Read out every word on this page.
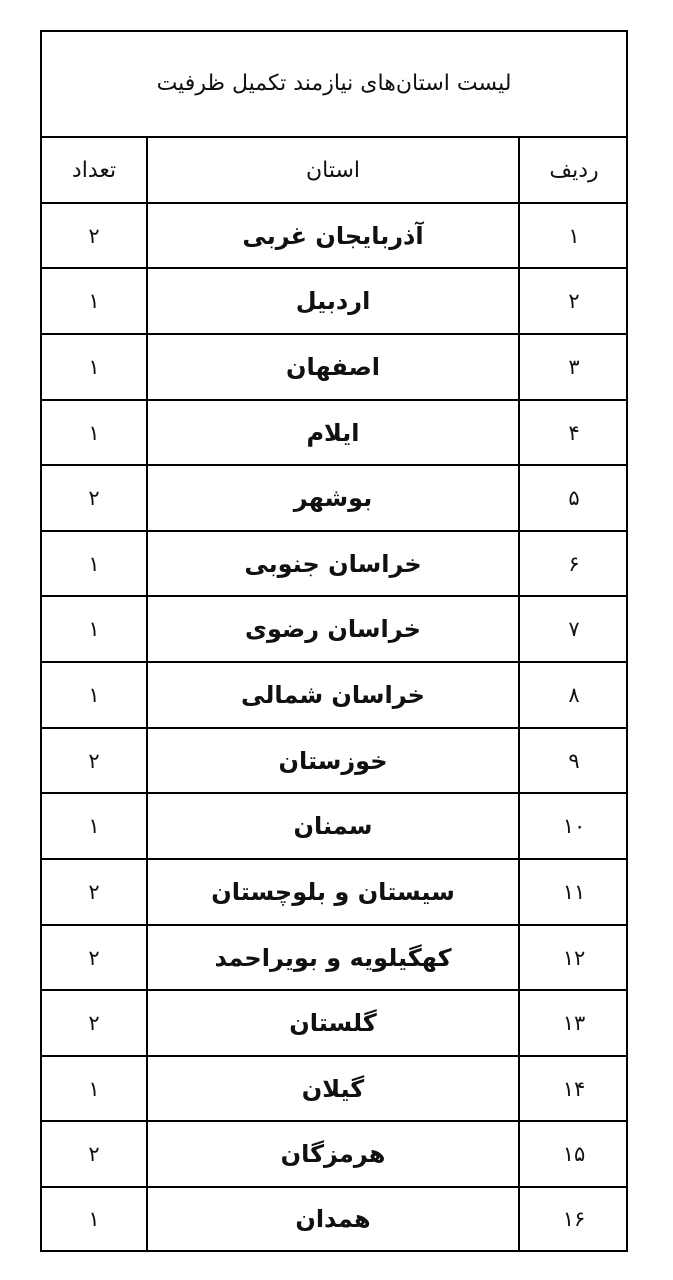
لیست استان‌های نیازمند تکمیل ظرفیت
تعداد	استان	ردیف
۲	آذربایجان غربی	۱
۱	اردبیل	۲
۱	اصفهان	۳
۱	ایلام	۴
۲	بوشهر	۵
۱	خراسان جنوبی	۶
۱	خراسان رضوی	۷
۱	خراسان شمالی	۸
۲	خوزستان	۹
۱	سمنان	۱۰
۲	سیستان و بلوچستان	۱۱
۲	کهگیلویه و بویراحمد	۱۲
۲	گلستان	۱۳
۱	گیلان	۱۴
۲	هرمزگان	۱۵
۱	همدان	۱۶
